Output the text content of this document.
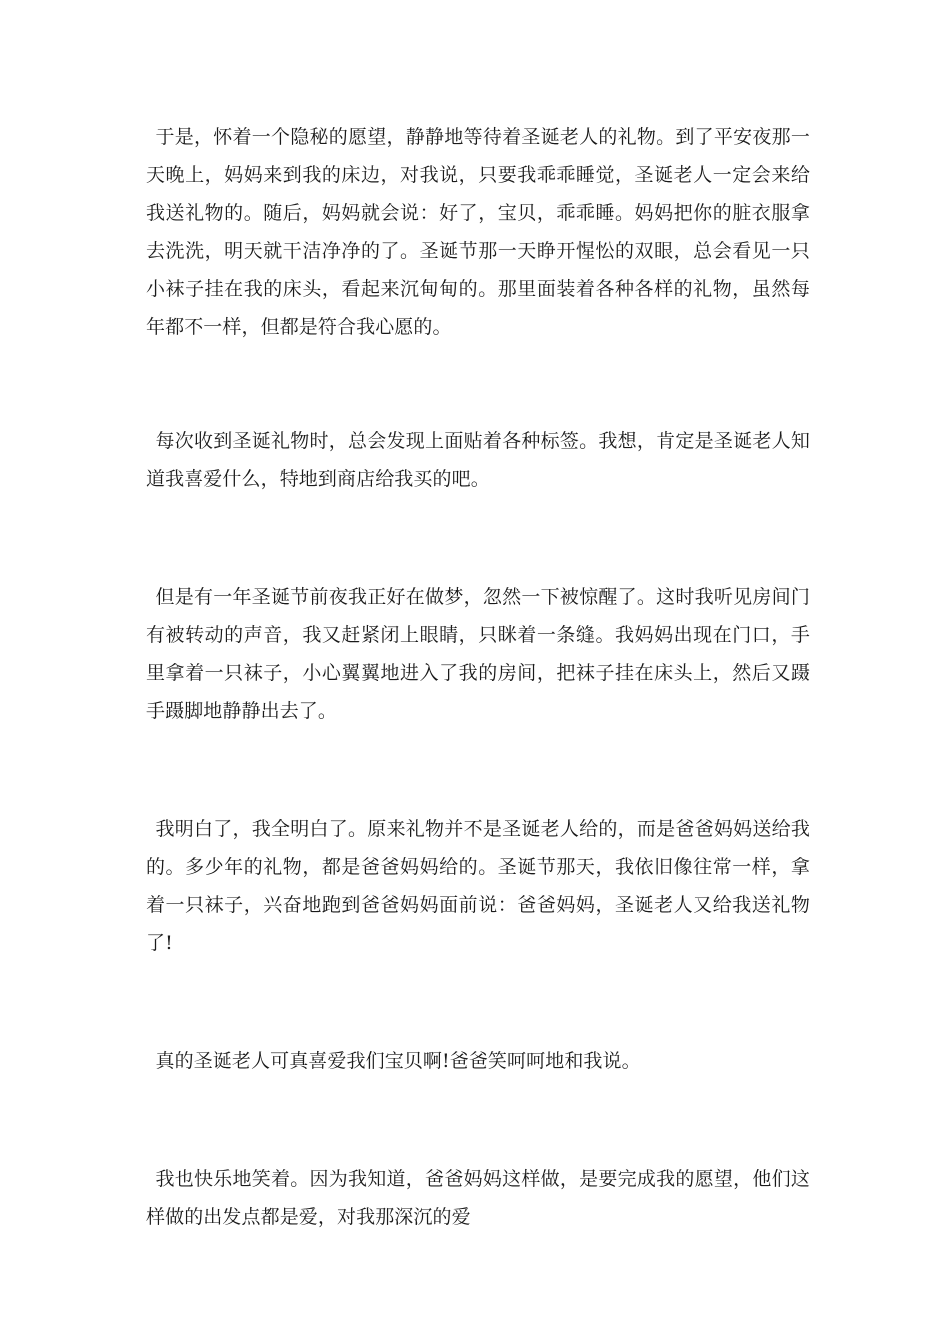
于是，怀着一个隐秘的愿望，静静地等待着圣诞老人的礼物。到了平安夜那一天晚上，妈妈来到我的床边，对我说，只要我乖乖睡觉，圣诞老人一定会来给我送礼物的。随后，妈妈就会说：好了，宝贝，乖乖睡。妈妈把你的脏衣服拿去洗洗，明天就干洁净净的了。圣诞节那一天睁开惺忪的双眼，总会看见一只小袜子挂在我的床头，看起来沉甸甸的。那里面装着各种各样的礼物，虽然每年都不一样，但都是符合我心愿的。

每次收到圣诞礼物时，总会发现上面贴着各种标签。我想，肯定是圣诞老人知道我喜爱什么，特地到商店给我买的吧。

但是有一年圣诞节前夜我正好在做梦，忽然一下被惊醒了。这时我听见房间门有被转动的声音，我又赶紧闭上眼睛，只眯着一条缝。我妈妈出现在门口，手里拿着一只袜子，小心翼翼地进入了我的房间，把袜子挂在床头上，然后又蹑手蹑脚地静静出去了。

我明白了，我全明白了。原来礼物并不是圣诞老人给的，而是爸爸妈妈送给我的。多少年的礼物，都是爸爸妈妈给的。圣诞节那天，我依旧像往常一样，拿着一只袜子，兴奋地跑到爸爸妈妈面前说：爸爸妈妈，圣诞老人又给我送礼物了!

真的圣诞老人可真喜爱我们宝贝啊!爸爸笑呵呵地和我说。

我也快乐地笑着。因为我知道，爸爸妈妈这样做，是要完成我的愿望，他们这样做的出发点都是爱，对我那深沉的爱
